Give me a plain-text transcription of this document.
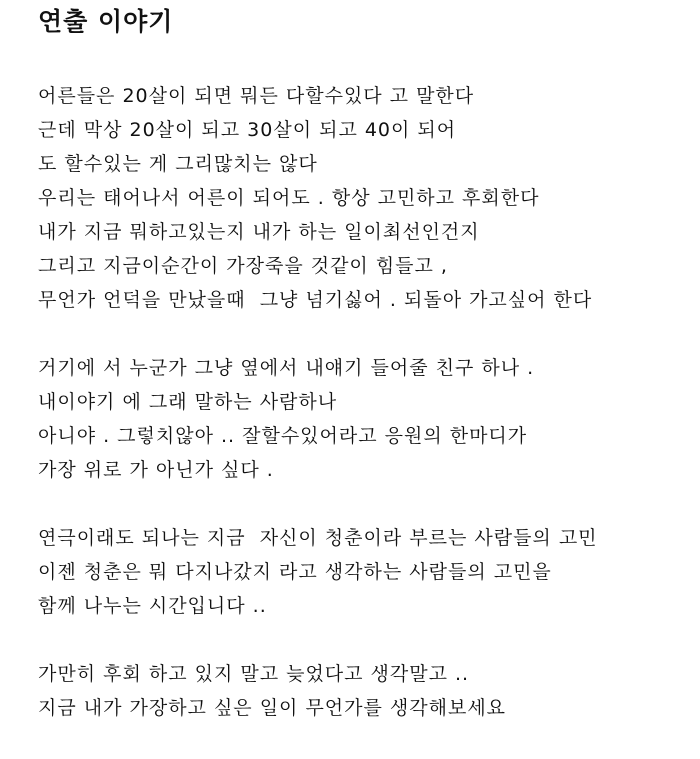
연출 이야기
어른들은 20살이 되면 뭐든 다할수있다 고 말한다
근데 막상 20살이 되고 30살이 되고 40이 되어
도 할수있는 게 그리많치는 않다
우리는 태어나서 어른이 되어도 . 항상 고민하고 후회한다
내가 지금 뭐하고있는지 내가 하는 일이최선인건지
그리고 지금이순간이 가장죽을 것같이 힘들고 ,
무언가 언덕을 만났을때  그냥 넘기싫어 . 되돌아 가고싶어 한다
거기에 서 누군가 그냥 옆에서 내얘기 들어줄 친구 하나 .
내이야기 에 그래 말하는 사람하나
아니야 . 그렇치않아 .. 잘할수있어라고 응원의 한마디가
가장 위로 가 아닌가 싶다 .
연극이래도 되나는 지금  자신이 청춘이라 부르는 사람들의 고민
이젠 청춘은 뭐 다지나갔지 라고 생각하는 사람들의 고민을
함께 나누는 시간입니다 ..
가만히 후회 하고 있지 말고 늦었다고 생각말고 ..
지금 내가 가장하고 싶은 일이 무언가를 생각해보세요
